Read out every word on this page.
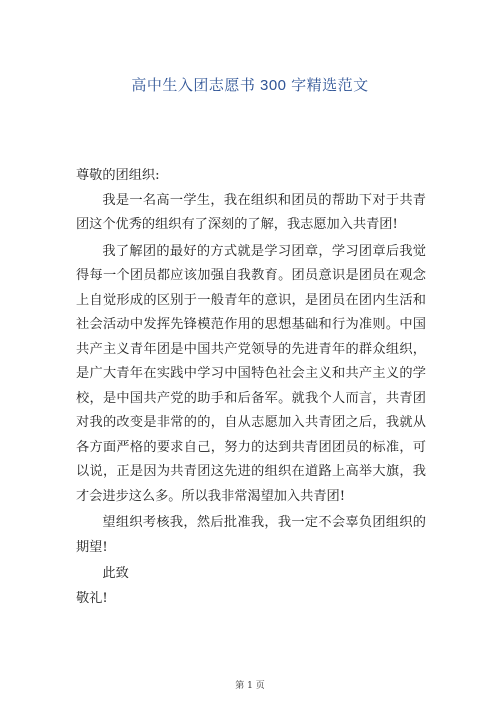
高中生入团志愿书 300 字精选范文

尊敬的团组织:

我是一名高一学生，我在组织和团员的帮助下对于共青团这个优秀的组织有了深刻的了解，我志愿加入共青团!

我了解团的最好的方式就是学习团章，学习团章后我觉得每一个团员都应该加强自我教育。团员意识是团员在观念上自觉形成的区别于一般青年的意识，是团员在团内生活和社会活动中发挥先锋模范作用的思想基础和行为准则。中国共产主义青年团是中国共产党领导的先进青年的群众组织，是广大青年在实践中学习中国特色社会主义和共产主义的学校，是中国共产党的助手和后备军。就我个人而言，共青团对我的改变是非常的的，自从志愿加入共青团之后，我就从各方面严格的要求自己，努力的达到共青团团员的标准，可以说，正是因为共青团这先进的组织在道路上高举大旗，我才会进步这么多。所以我非常渴望加入共青团!

望组织考核我，然后批准我，我一定不会辜负团组织的期望!

此致

敬礼!

第 1 页
